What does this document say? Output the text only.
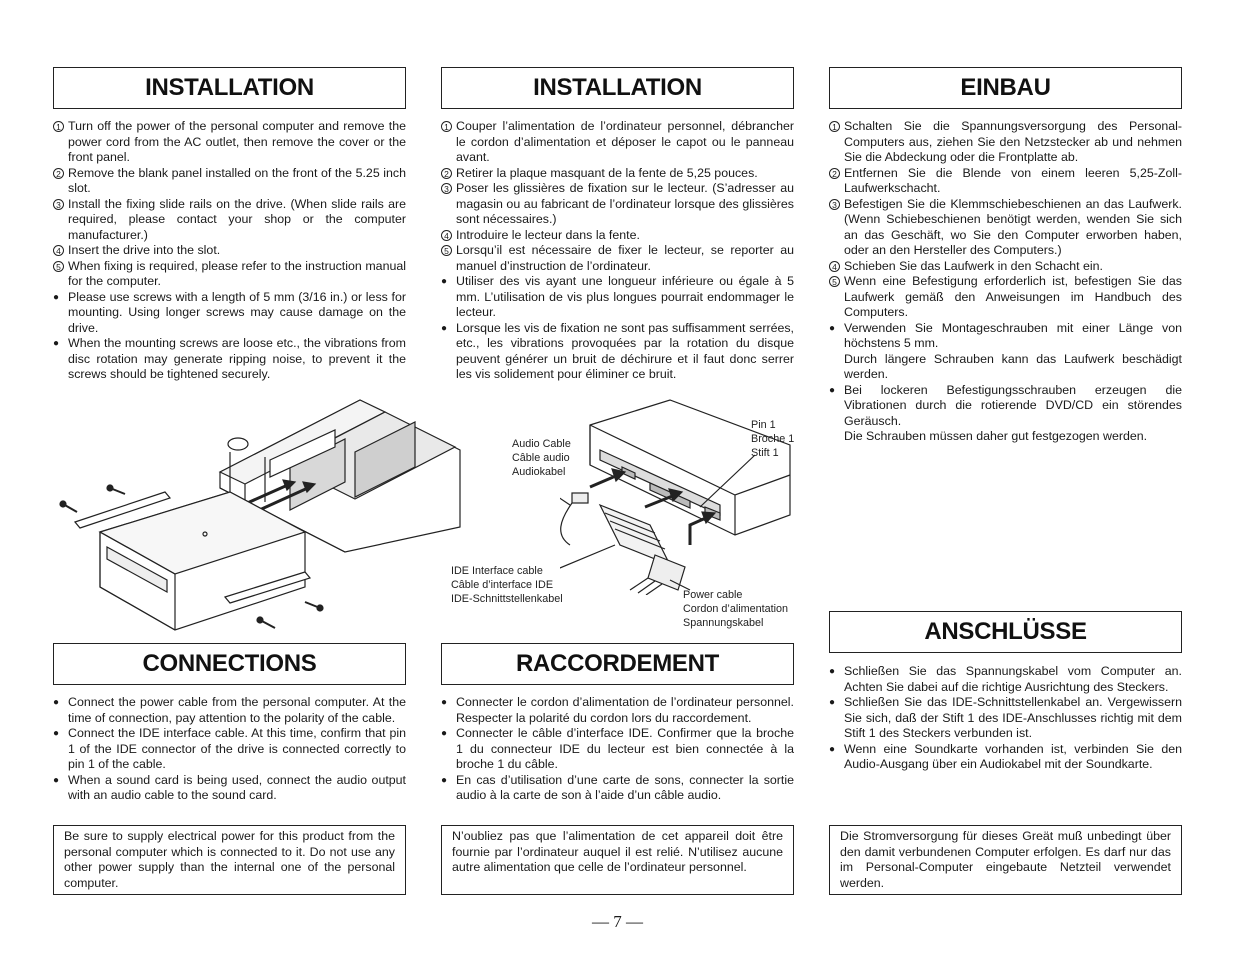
INSTALLATION
1 Turn off the power of the personal computer and remove the power cord from the AC outlet, then remove the cover or the front panel.
2 Remove the blank panel installed on the front of the 5.25 inch slot.
3 Install the fixing slide rails on the drive. (When slide rails are required, please contact your shop or the computer manufacturer.)
4 Insert the drive into the slot.
5 When fixing is required, please refer to the instruction manual for the computer.
● Please use screws with a length of 5 mm (3/16 in.) or less for mounting. Using longer screws may cause damage on the drive.
● When the mounting screws are loose etc., the vibrations from disc rotation may generate ripping noise, to prevent it the screws should be tightened securely.
CONNECTIONS
● Connect the power cable from the personal computer. At the time of connection, pay attention to the polarity of the cable.
● Connect the IDE interface cable. At this time, confirm that pin 1 of the IDE connector of the drive is connected correctly to pin 1 of the cable.
● When a sound card is being used, connect the audio output with an audio cable to the sound card.
Be sure to supply electrical power for this product from the personal computer which is connected to it. Do not use any other power supply than the internal one of the personal computer.
INSTALLATION
1 Couper l’alimentation de l’ordinateur personnel, débrancher le cordon d’alimentation et déposer le capot ou le panneau avant.
2 Retirer la plaque masquant de la fente de 5,25 pouces.
3 Poser les glissières de fixation sur le lecteur. (S’adresser au magasin ou au fabricant de l’ordinateur lorsque des glissières sont nécessaires.)
4 Introduire le lecteur dans la fente.
5 Lorsqu’il est nécessaire de fixer le lecteur, se reporter au manuel d’instruction de l’ordinateur.
● Utiliser des vis ayant une longueur inférieure ou égale à 5 mm. L’utilisation de vis plus longues pourrait endommager le lecteur.
● Lorsque les vis de fixation ne sont pas suffisamment serrées, etc., les vibrations provoquées par la rotation du disque peuvent générer un bruit de déchirure et il faut donc serrer les vis solidement pour éliminer ce bruit.
RACCORDEMENT
● Connecter le cordon d’alimentation de l’ordinateur personnel. Respecter la polarité du cordon lors du raccordement.
● Connecter le câble d’interface IDE. Confirmer que la broche 1 du connecteur IDE du lecteur est bien connectée à la broche 1 du câble.
● En cas d’utilisation d’une carte de sons, connecter la sortie audio à la carte de son à l’aide d’un câble audio.
N’oubliez pas que l’alimentation de cet appareil doit être fournie par l’ordinateur auquel il est relié. N’utilisez aucune autre alimentation que celle de l’ordinateur personnel.
EINBAU
1 Schalten Sie die Spannungsversorgung des Personal-Computers aus, ziehen Sie den Netzstecker ab und nehmen Sie die Abdeckung oder die Frontplatte ab.
2 Entfernen Sie die Blende von einem leeren 5,25-Zoll-Laufwerkschacht.
3 Befestigen Sie die Klemmschiebeschienen an das Laufwerk. (Wenn Schiebeschienen benötigt werden, wenden Sie sich an das Geschäft, wo Sie den Computer erworben haben, oder an den Hersteller des Computers.)
4 Schieben Sie das Laufwerk in den Schacht ein.
5 Wenn eine Befestigung erforderlich ist, befestigen Sie das Laufwerk gemäß den Anweisungen im Handbuch des Computers.
● Verwenden Sie Montageschrauben mit einer Länge von höchstens 5 mm.
Durch längere Schrauben kann das Laufwerk beschädigt werden.
● Bei lockeren Befestigungsschrauben erzeugen die Vibrationen durch die rotierende DVD/CD ein störendes Geräusch.
Die Schrauben müssen daher gut festgezogen werden.
ANSCHLÜSSE
● Schließen Sie das Spannungskabel vom Computer an. Achten Sie dabei auf die richtige Ausrichtung des Steckers.
● Schließen Sie das IDE-Schnittstellenkabel an. Vergewissern Sie sich, daß der Stift 1 des IDE-Anschlusses richtig mit dem Stift 1 des Steckers verbunden ist.
● Wenn eine Soundkarte vorhanden ist, verbinden Sie den Audio-Ausgang über ein Audiokabel mit der Soundkarte.
Die Stromversorgung für dieses Greät muß unbedingt über den damit verbundenen Computer erfolgen. Es darf nur das im Personal-Computer eingebaute Netzteil verwendet werden.
Audio Cable
Câble audio
Audiokabel
Pin 1
Broche 1
Stift 1
IDE Interface cable
Câble d’interface IDE
IDE-Schnittstellenkabel	Power cable
Cordon d’alimentation
Spannungskabel
— 7 —
